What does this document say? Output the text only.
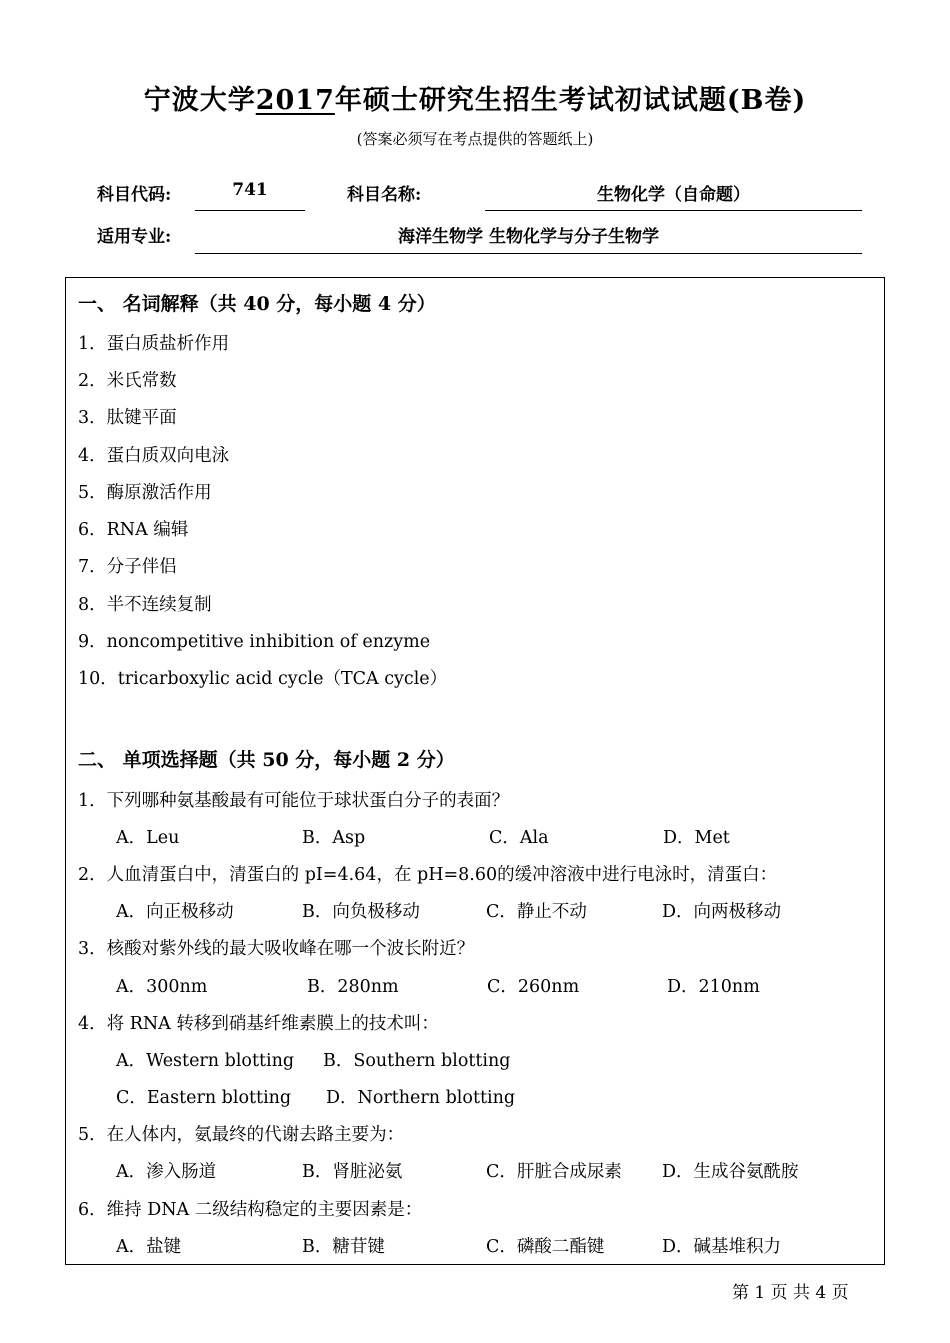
宁波大学2017年硕士研究生招生考试初试试题(B卷)
(答案必须写在考点提供的答题纸上)
科目代码:	741	科目名称:	生物化学（自命题）
适用专业:	海洋生物学 生物化学与分子生物学
一、 名词解释（共 40 分，每小题 4 分）
1．蛋白质盐析作用
2．米氏常数
3．肽键平面
4．蛋白质双向电泳
5．酶原激活作用
6．RNA 编辑
7．分子伴侣
8．半不连续复制
9．noncompetitive inhibition of enzyme
10．tricarboxylic acid cycle（TCA cycle）
二、 单项选择题（共 50 分，每小题 2 分）
1．下列哪种氨基酸最有可能位于球状蛋白分子的表面？
A．Leu	B．Asp	C．Ala	D．Met
2．人血清蛋白中，清蛋白的 pI=4.64，在 pH=8.60的缓冲溶液中进行电泳时，清蛋白：
A．向正极移动	B．向负极移动	C．静止不动	D．向两极移动
3．核酸对紫外线的最大吸收峰在哪一个波长附近？
A．300nm	B．280nm	C．260nm	D．210nm
4．将 RNA 转移到硝基纤维素膜上的技术叫：
A．Western blotting B．Southern blotting
C．Eastern blotting D．Northern blotting
5．在人体内，氨最终的代谢去路主要为：
A．渗入肠道	B．肾脏泌氨	C．肝脏合成尿素 D．生成谷氨酰胺
6．维持 DNA 二级结构稳定的主要因素是：
A．盐键	B．糖苷键	C．磷酸二酯键	D．碱基堆积力
第 1 页 共 4 页
